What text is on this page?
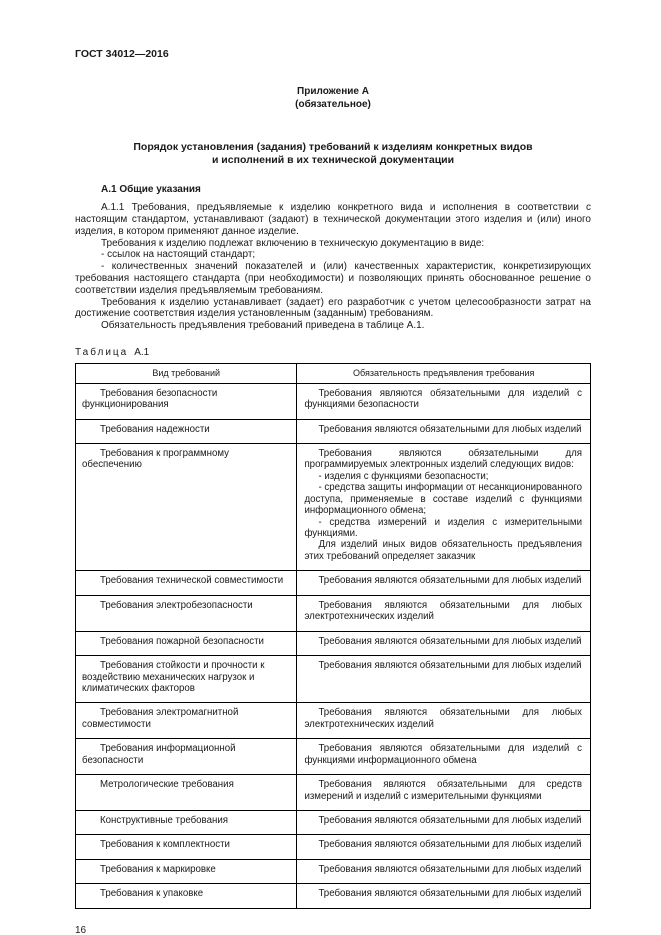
ГОСТ 34012—2016
Приложение А
(обязательное)
Порядок установления (задания) требований к изделиям конкретных видов
и исполнений в их технической документации
А.1 Общие указания

А.1.1 Требования, предъявляемые к изделию конкретного вида и исполнения в соответствии с настоящим стандартом, устанавливают (задают) в технической документации этого изделия и (или) иного изделия, в котором применяют данное изделие.

Требования к изделию подлежат включению в техническую документацию в виде:

- ссылок на настоящий стандарт;

- количественных значений показателей и (или) качественных характеристик, конкретизирующих требования настоящего стандарта (при необходимости) и позволяющих принять обоснованное решение о соответствии изделия предъявляемым требованиям.

Требования к изделию устанавливает (задает) его разработчик с учетом целесообразности затрат на достижение соответствия изделия установленным (заданным) требованиям.

Обязательность предъявления требований приведена в таблице А.1.

Таблица А.1
Вид требований	Обязательность предъявления требования
Требования безопасности функционирования	Требования являются обязательными для изделий с функциями безопасности

Требования надежности	Требования являются обязательными для любых изделий

Требования к программному обеспечению	Требования являются обязательными для программируемых электронных изделий следующих видов:

- изделия с функциями безопасности;

- средства защиты информации от несанкционированного доступа, применяемые в составе изделий с функциями информационного обмена;

- средства измерений и изделия с измерительными функциями.

Для изделий иных видов обязательность предъявления этих требований определяет заказчик

Требования технической совместимости	Требования являются обязательными для любых изделий

Требования электробезопасности	Требования являются обязательными для любых электротехнических изделий

Требования пожарной безопасности	Требования являются обязательными для любых изделий

Требования стойкости и прочности к воздействию механических нагрузок и климатических факторов	Требования являются обязательными для любых изделий

Требования электромагнитной совместимости	Требования являются обязательными для любых электротехнических изделий

Требования информационной безопасности	Требования являются обязательными для изделий с функциями информационного обмена

Метрологические требования	Требования являются обязательными для средств измерений и изделий с измерительными функциями

Конструктивные требования	Требования являются обязательными для любых изделий

Требования к комплектности	Требования являются обязательными для любых изделий

Требования к маркировке	Требования являются обязательными для любых изделий

Требования к упаковке	Требования являются обязательными для любых изделий

16
